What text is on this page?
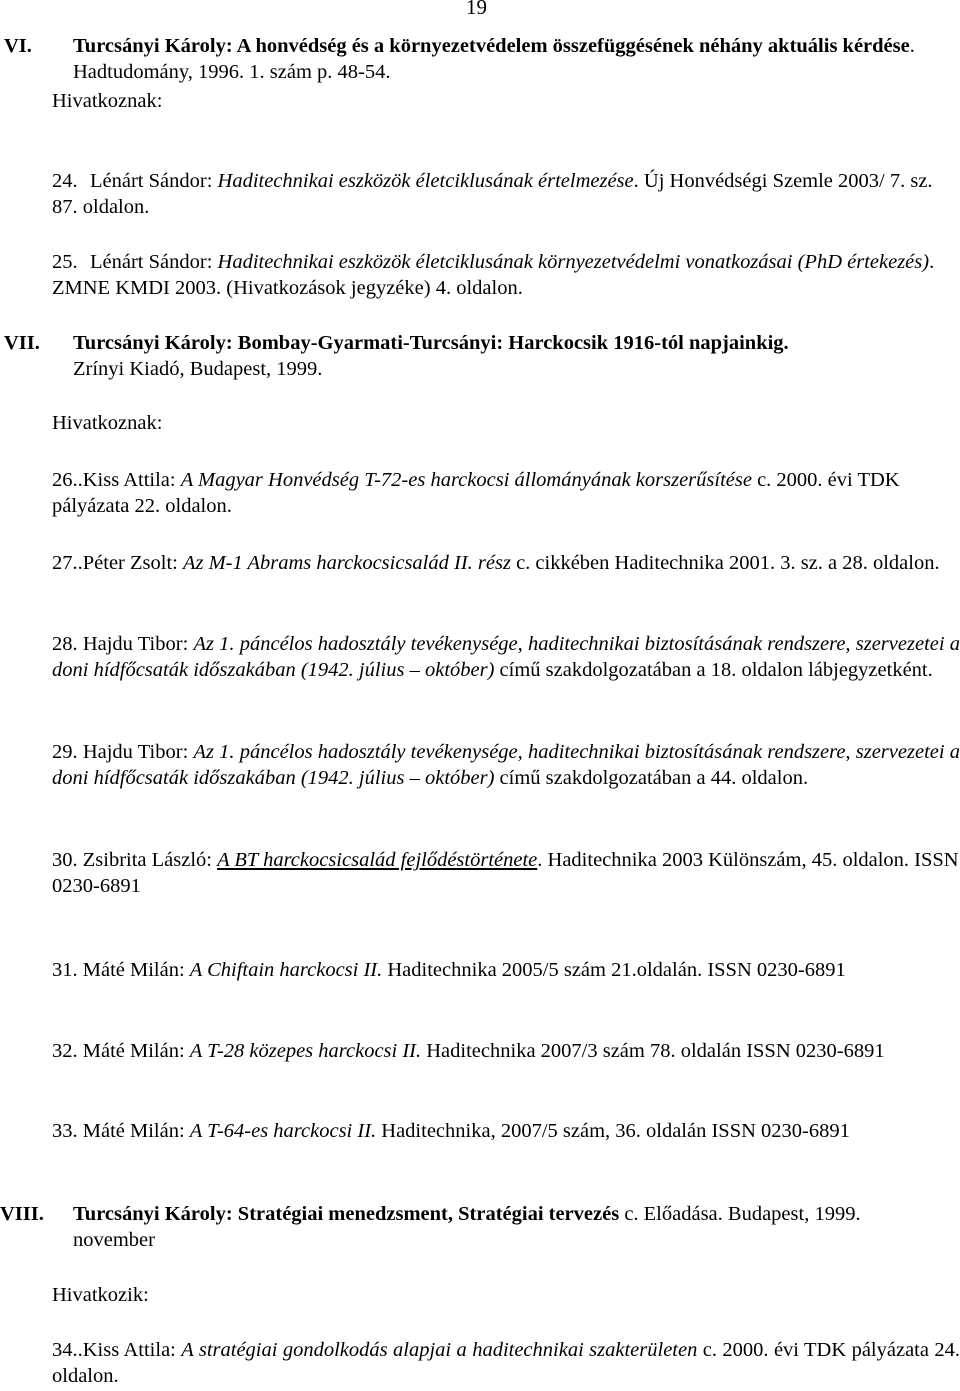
19
VI. Turcsányi Károly: A honvédség és a környezetvédelem összefüggésének néhány aktuális kérdése. Hadtudomány, 1996. 1. szám p. 48-54.
Hivatkoznak:
24. Lénárt Sándor: Haditechnikai eszközök életciklusának értelmezése. Új Honvédségi Szemle 2003/ 7. sz. 87. oldalon.
25. Lénárt Sándor: Haditechnikai eszközök életciklusának környezetvédelmi vonatkozásai (PhD értekezés). ZMNE KMDI 2003. (Hivatkozások jegyzéke) 4. oldalon.
VII. Turcsányi Károly: Bombay-Gyarmati-Turcsányi: Harckocsik 1916-tól napjainkig.
Zrínyi Kiadó, Budapest, 1999.
Hivatkoznak:
26..Kiss Attila: A Magyar Honvédség T-72-es harckocsi állományának korszerűsítése c. 2000. évi TDK pályázata 22. oldalon.
27..Péter Zsolt: Az M-1 Abrams harckocsicsalád II. rész c. cikkében Haditechnika 2001. 3. sz. a 28. oldalon.
28. Hajdu Tibor: Az 1. páncélos hadosztály tevékenysége, haditechnikai biztosításának rendszere, szervezetei a doni hídfőcsaták időszakában (1942. július – október) című szakdolgozatában a 18. oldalon lábjegyzetként.
29. Hajdu Tibor: Az 1. páncélos hadosztály tevékenysége, haditechnikai biztosításának rendszere, szervezetei a doni hídfőcsaták időszakában (1942. július – október) című szakdolgozatában a 44. oldalon.
30. Zsibrita László: A BT harckocsicsalád fejlődéstörténete. Haditechnika 2003 Különszám, 45. oldalon. ISSN 0230-6891
31. Máté Milán: A Chiftain harckocsi II. Haditechnika 2005/5 szám 21.oldalán. ISSN 0230-6891
32. Máté Milán: A T-28 közepes harckocsi II. Haditechnika 2007/3 szám 78. oldalán ISSN 0230-6891
33. Máté Milán: A T-64-es harckocsi II. Haditechnika, 2007/5 szám, 36. oldalán ISSN 0230-6891
VIII. Turcsányi Károly: Stratégiai menedzsment, Stratégiai tervezés c. Előadása. Budapest, 1999. november
Hivatkozik:
34..Kiss Attila: A stratégiai gondolkodás alapjai a haditechnikai szakterületen c. 2000. évi TDK pályázata 24. oldalon.
